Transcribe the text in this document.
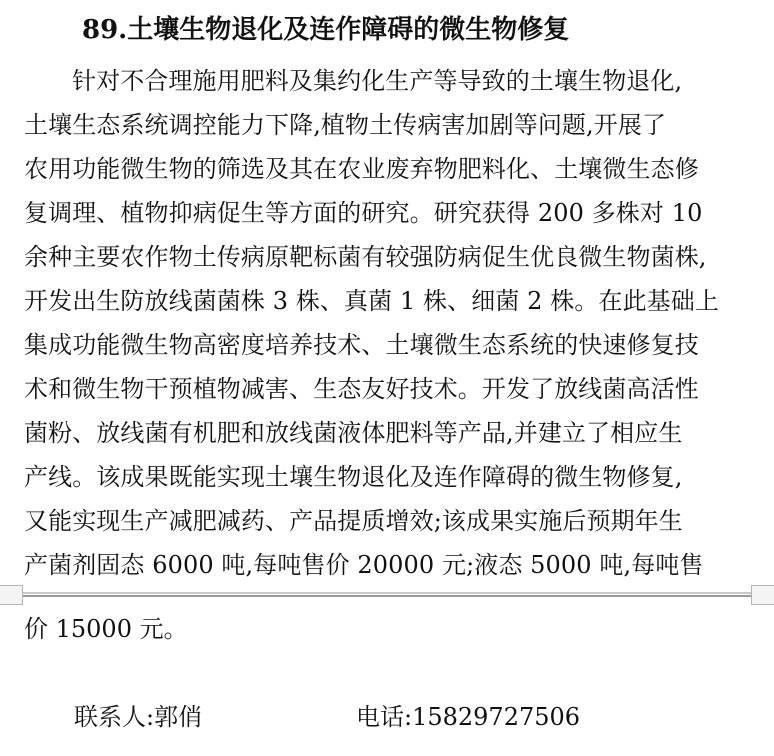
89.土壤生物退化及连作障碍的微生物修复
针对不合理施用肥料及集约化生产等导致的土壤生物退化,
土壤生态系统调控能力下降,植物土传病害加剧等问题,开展了
农用功能微生物的筛选及其在农业废弃物肥料化、土壤微生态修
复调理、植物抑病促生等方面的研究。研究获得 200 多株对 10
余种主要农作物土传病原靶标菌有较强防病促生优良微生物菌株,
开发出生防放线菌菌株 3 株、真菌 1 株、细菌 2 株。在此基础上
集成功能微生物高密度培养技术、土壤微生态系统的快速修复技
术和微生物干预植物减害、生态友好技术。开发了放线菌高活性
菌粉、放线菌有机肥和放线菌液体肥料等产品,并建立了相应生
产线。该成果既能实现土壤生物退化及连作障碍的微生物修复,
又能实现生产减肥减药、产品提质增效;该成果实施后预期年生
产菌剂固态 6000 吨,每吨售价 20000 元;液态 5000 吨,每吨售
价 15000 元。
联系人:郭俏	电话:15829727506
